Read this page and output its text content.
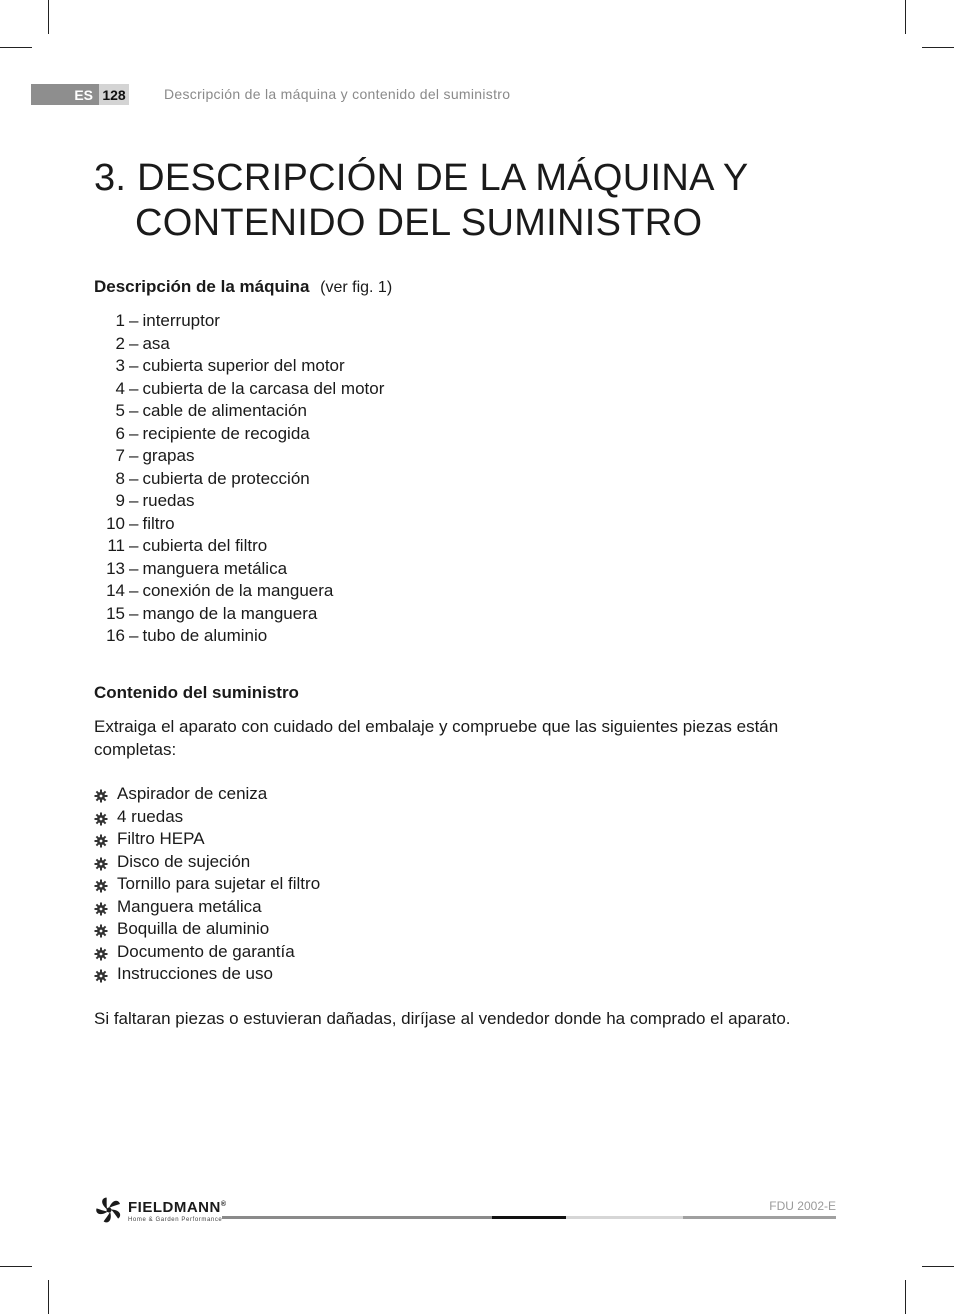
ES 128	Descripción de la máquina y contenido del suministro
3. DESCRIPCIÓN DE LA MÁQUINA Y
CONTENIDO DEL SUMINISTRO
Descripción de la máquina (ver fig. 1)
1 – interruptor
2 – asa
3 – cubierta superior del motor
4 – cubierta de la carcasa del motor
5 – cable de alimentación
6 – recipiente de recogida
7 – grapas
8 – cubierta de protección
9 – ruedas
10 – filtro
11 – cubierta del filtro
13 – manguera metálica
14 – conexión de la manguera
15 – mango de la manguera
16 – tubo de aluminio
Contenido del suministro

Extraiga el aparato con cuidado del embalaje y compruebe que las siguientes piezas están completas:

Aspirador de ceniza
4 ruedas
Filtro HEPA
Disco de sujeción
Tornillo para sujetar el filtro
Manguera metálica
Boquilla de aluminio
Documento de garantía
Instrucciones de uso

Si faltaran piezas o estuvieran dañadas, diríjase al vendedor donde ha comprado el aparato.

FIELDMANN®
Home & Garden Performance
FDU 2002-E
